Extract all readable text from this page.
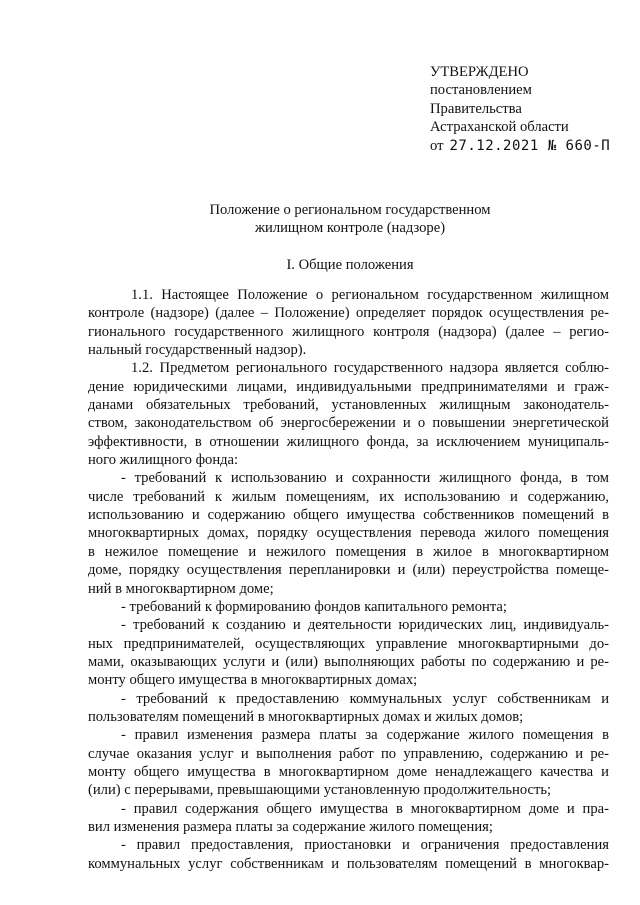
УТВЕРЖДЕНО
постановлением
Правительства
Астраханской области
от 27.12.2021 № 660-П
Положение о региональном государственном
жилищном контроле (надзоре)
I. Общие положения
1.1. Настоящее Положение о региональном государственном жилищном
контроле (надзоре) (далее – Положение) определяет порядок осуществления ре-
гионального государственного жилищного контроля (надзора) (далее – регио-
нальный государственный надзор).
1.2. Предметом регионального государственного надзора является соблю-
дение юридическими лицами, индивидуальными предпринимателями и граж-
данами обязательных требований, установленных жилищным законодатель-
ством, законодательством об энергосбережении и о повышении энергетической
эффективности, в отношении жилищного фонда, за исключением муниципаль-
ного жилищного фонда:
- требований к использованию и сохранности жилищного фонда, в том
числе требований к жилым помещениям, их использованию и содержанию,
использованию и содержанию общего имущества собственников помещений в
многоквартирных домах, порядку осуществления перевода жилого помещения
в нежилое помещение и нежилого помещения в жилое в многоквартирном
доме, порядку осуществления перепланировки и (или) переустройства помеще-
ний в многоквартирном доме;
- требований к формированию фондов капитального ремонта;
- требований к созданию и деятельности юридических лиц, индивидуаль-
ных предпринимателей, осуществляющих управление многоквартирными до-
мами, оказывающих услуги и (или) выполняющих работы по содержанию и ре-
монту общего имущества в многоквартирных домах;
- требований к предоставлению коммунальных услуг собственникам и
пользователям помещений в многоквартирных домах и жилых домов;
- правил изменения размера платы за содержание жилого помещения в
случае оказания услуг и выполнения работ по управлению, содержанию и ре-
монту общего имущества в многоквартирном доме ненадлежащего качества и
(или) с перерывами, превышающими установленную продолжительность;
- правил содержания общего имущества в многоквартирном доме и пра-
вил изменения размера платы за содержание жилого помещения;
- правил предоставления, приостановки и ограничения предоставления
коммунальных услуг собственникам и пользователям помещений в многоквар-
